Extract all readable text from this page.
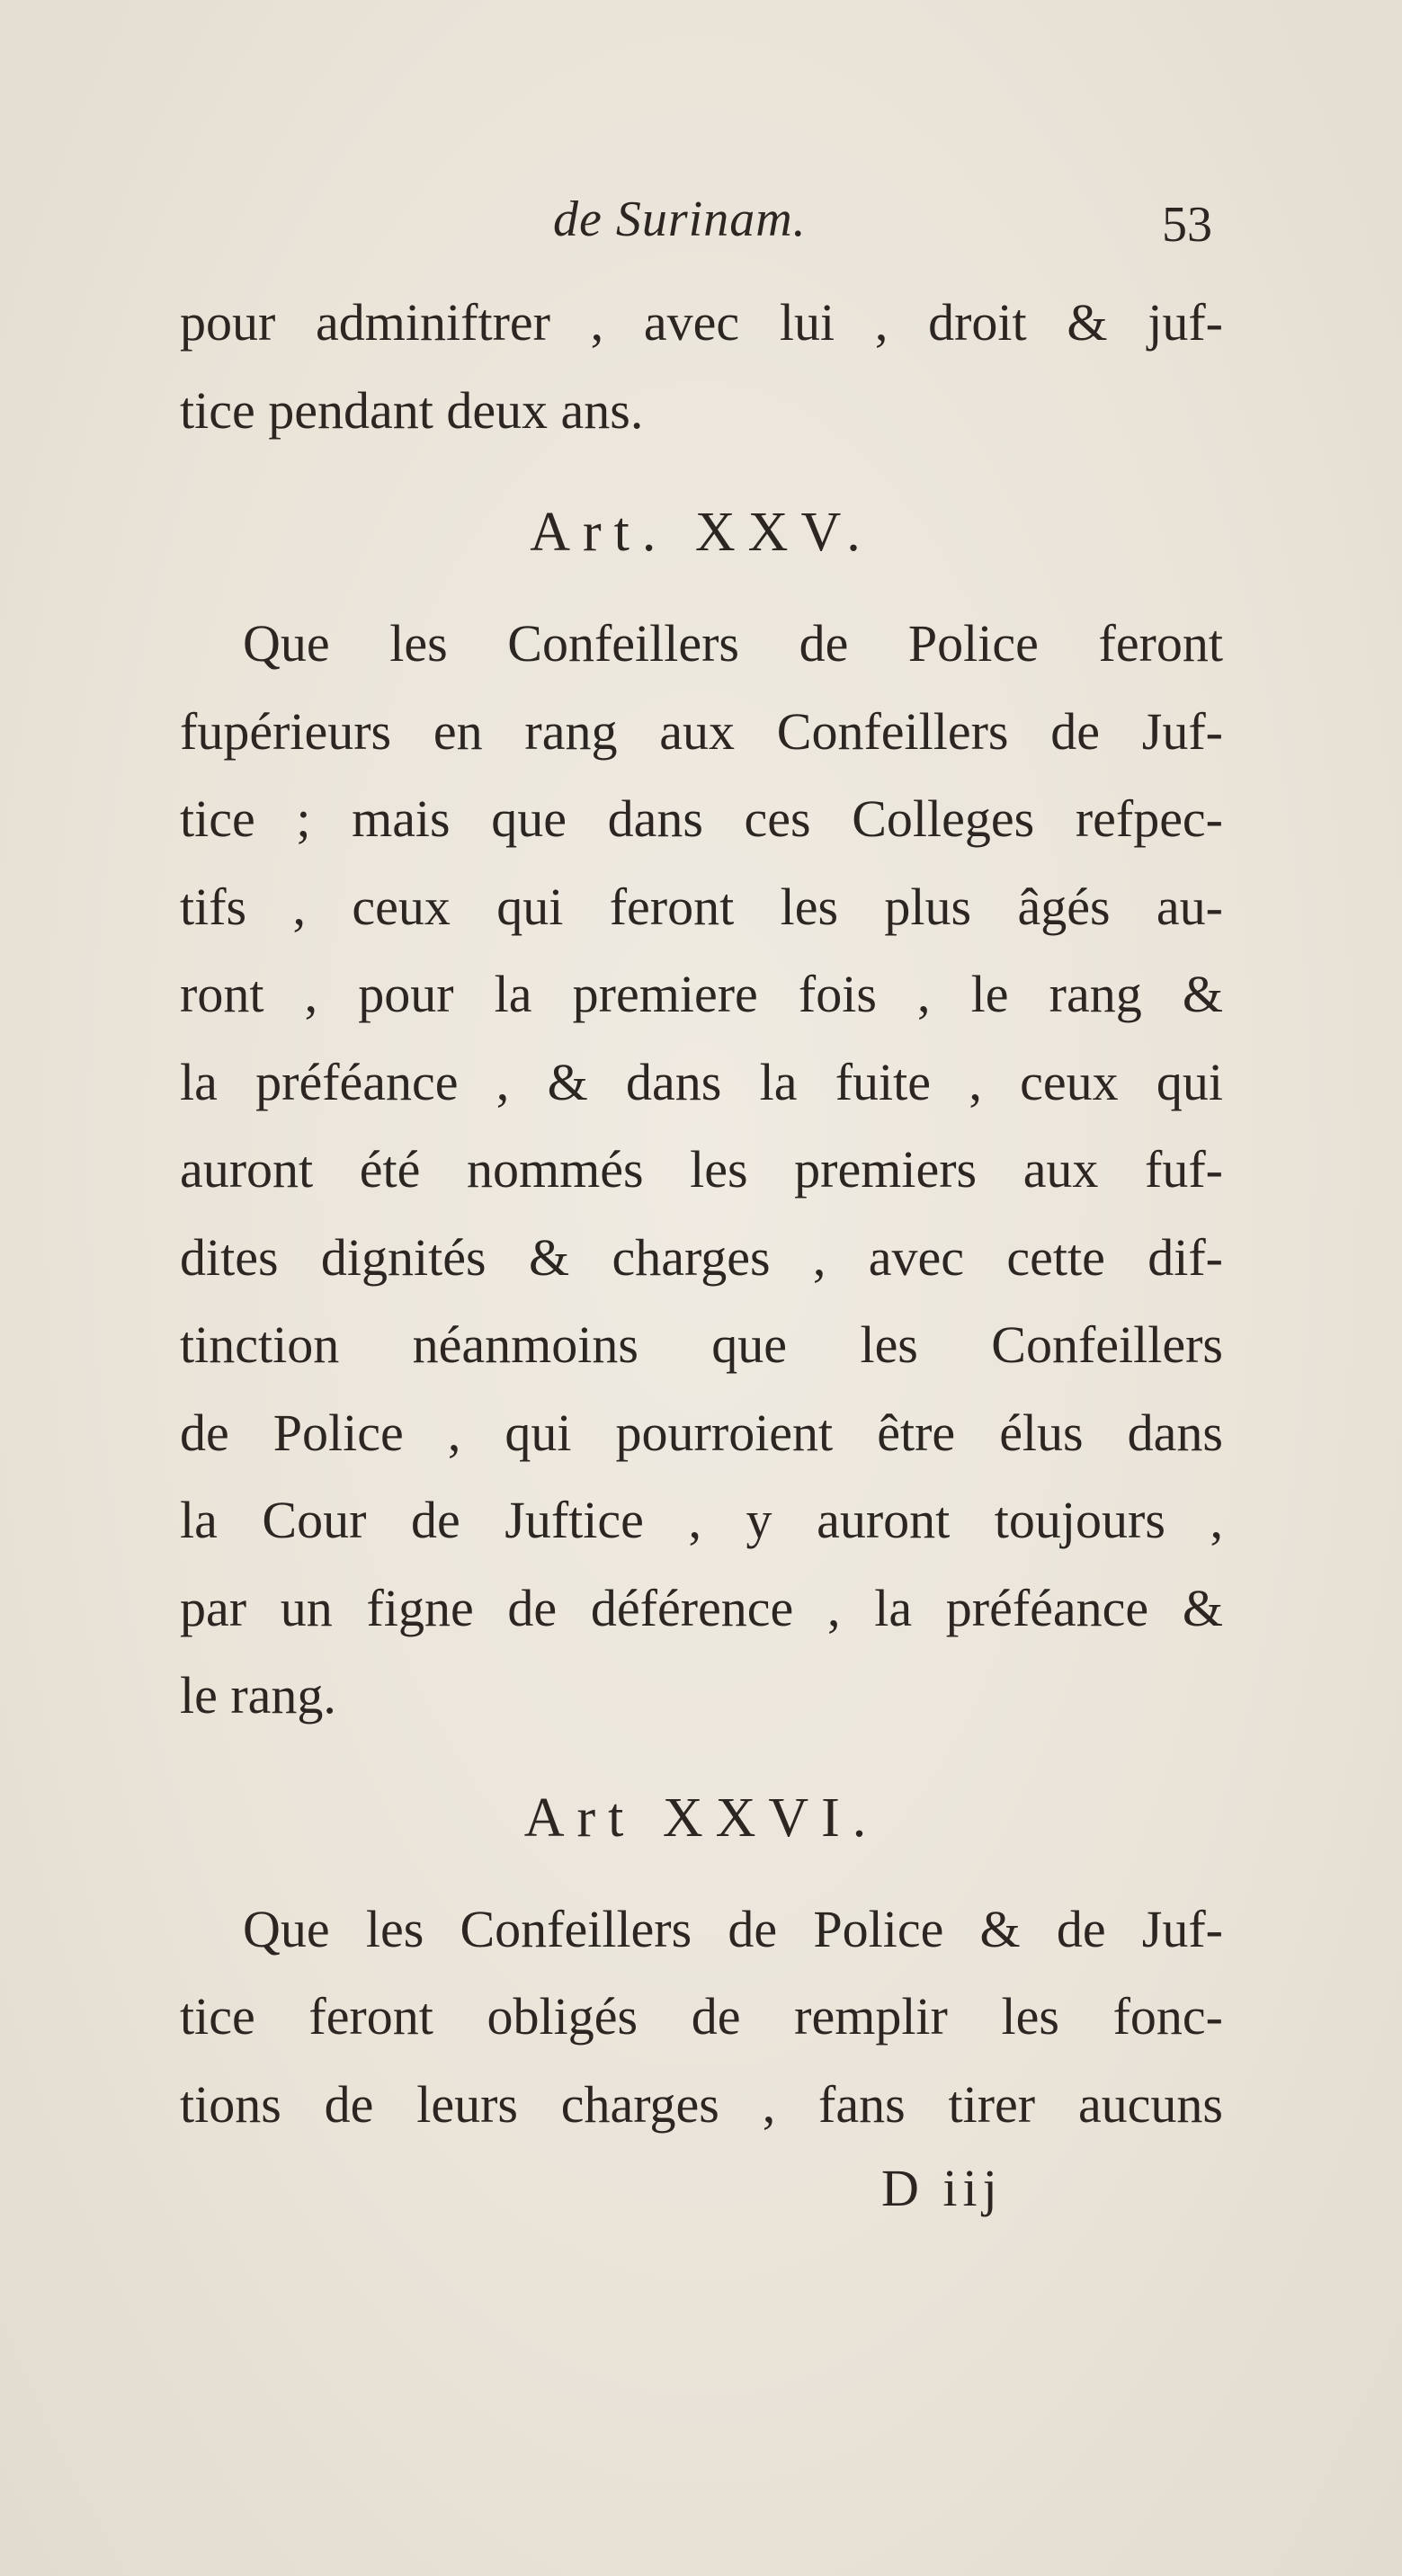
de Surinam.	53
pour adminiftrer , avec lui , droit & juf-
tice pendant deux ans.
Art. XXV.
Que les Confeillers de Police feront
fupérieurs en rang aux Confeillers de Juf-
tice ; mais que dans ces Colleges refpec-
tifs , ceux qui feront les plus âgés au-
ront , pour la premiere fois , le rang &
la préféance , & dans la fuite , ceux qui
auront été nommés les premiers aux fuf-
dites dignités & charges , avec cette dif-
tinction néanmoins que les Confeillers
de Police , qui pourroient être élus dans
la Cour de Juftice , y auront toujours ,
par un figne de déférence , la préféance &
le rang.
Art XXVI.
Que les Confeillers de Police & de Juf-
tice feront obligés de remplir les fonc-
tions de leurs charges , fans tirer aucuns
D iij
